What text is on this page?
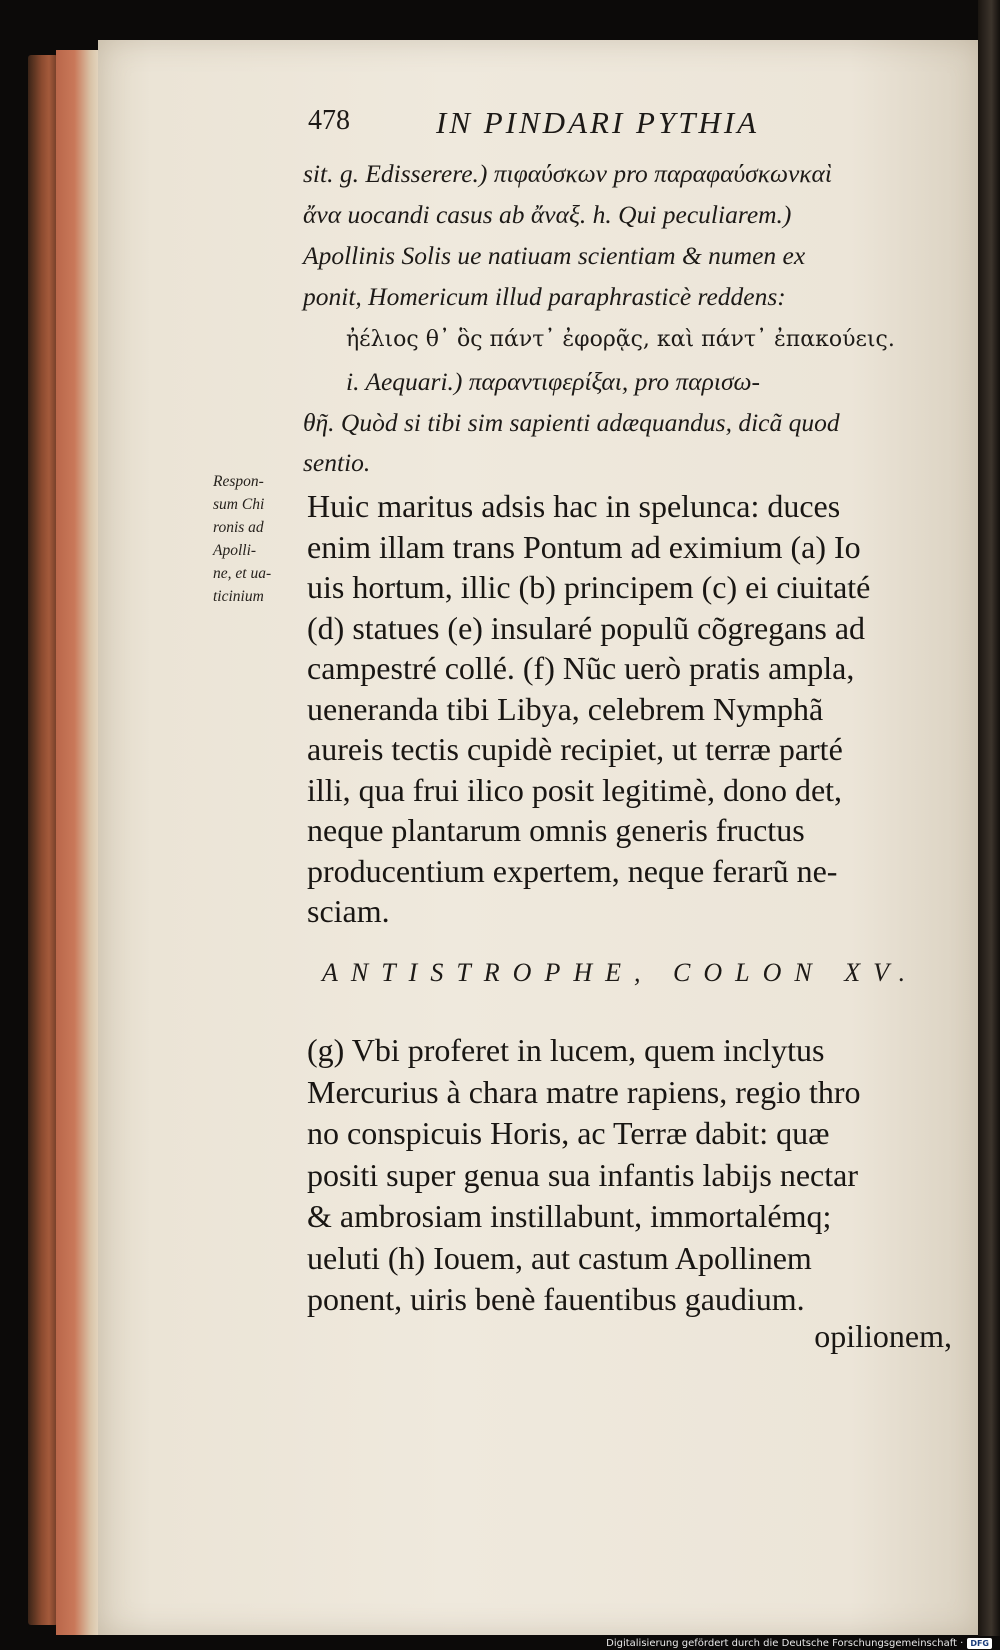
478	IN PINDARI PYTHIA
sit. g. Edisserere.) πιφαύσκων pro παραφαύσκωνκαὶ
ἄνα uocandi casus ab ἄναξ. h. Qui peculiarem.)
Apollinis Solis ue natiuam scientiam & numen ex
ponit, Homericum illud paraphrasticè reddens:
ἠέλιος θ᾽ ὃς πάντ᾽ ἐφορᾷς, καὶ πάντ᾽ ἐπακούεις.
i. Aequari.) παραντιφερίξαι, pro παρισω-
θῆ. Quòd si tibi sim sapienti adæquandus, dicã quod
sentio.
Respon-
sum Chi
ronis ad
Apolli-
ne, et ua-
ticinium
Huic maritus adsis hac in spelunca: duces
enim illam trans Pontum ad eximium (a) Io
uis hortum, illic (b) principem (c) ei ciuitaté
(d) statues (e) insularé populũ cõgregans ad
campestré collé. (f) Nũc uerò pratis ampla,
ueneranda tibi Libya, celebrem Nymphã
aureis tectis cupidè recipiet, ut terræ parté
illi, qua frui ilico posit legitimè, dono det,
neque plantarum omnis generis fructus
producentium expertem, neque ferarũ ne-
sciam.
ANTISTROPHE, COLON XV.
(g) Vbi proferet in lucem, quem inclytus
Mercurius à chara matre rapiens, regio thro
no conspicuis Horis, ac Terræ dabit: quæ
positi super genua sua infantis labijs nectar
& ambrosiam instillabunt, immortalémq;
ueluti (h) Iouem, aut castum Apollinem
ponent, uiris benè fauentibus gaudium.
opilionem,
Digitalisierung gefördert durch die Deutsche Forschungsgemeinschaft · DFG
